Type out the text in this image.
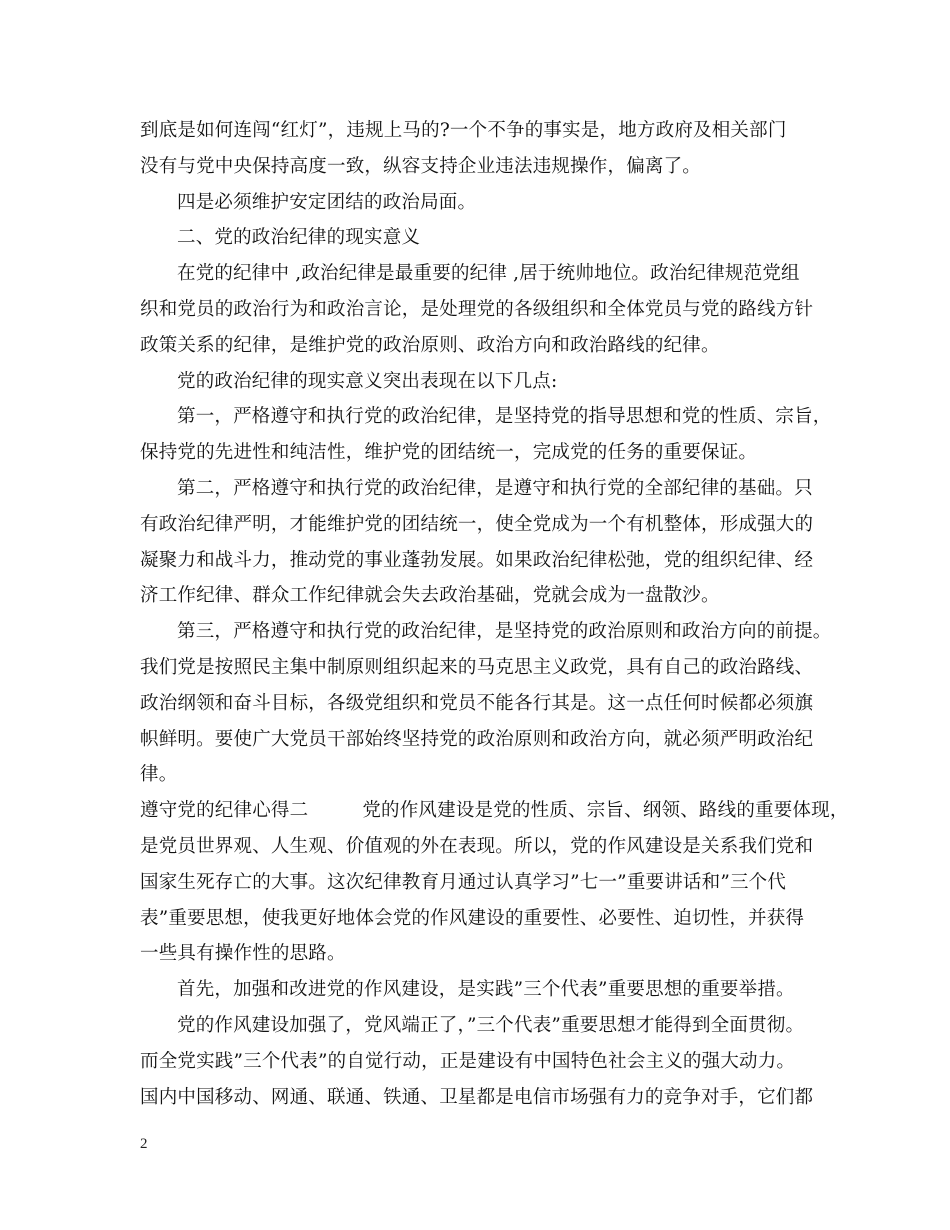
到底是如何连闯“红灯”，违规上马的?一个不争的事实是，地方政府及相关部门
没有与党中央保持高度一致，纵容支持企业违法违规操作，偏离了。
四是必须维护安定团结的政治局面。
二、党的政治纪律的现实意义
在党的纪律中 ,政治纪律是最重要的纪律 ,居于统帅地位。政治纪律规范党组
织和党员的政治行为和政治言论，是处理党的各级组织和全体党员与党的路线方针
政策关系的纪律，是维护党的政治原则、政治方向和政治路线的纪律。
党的政治纪律的现实意义突出表现在以下几点:
第一，严格遵守和执行党的政治纪律，是坚持党的指导思想和党的性质、宗旨，
保持党的先进性和纯洁性，维护党的团结统一，完成党的任务的重要保证。
第二，严格遵守和执行党的政治纪律，是遵守和执行党的全部纪律的基础。只
有政治纪律严明，才能维护党的团结统一，使全党成为一个有机整体，形成强大的
凝聚力和战斗力，推动党的事业蓬勃发展。如果政治纪律松弛，党的组织纪律、经
济工作纪律、群众工作纪律就会失去政治基础，党就会成为一盘散沙。
第三，严格遵守和执行党的政治纪律，是坚持党的政治原则和政治方向的前提。
我们党是按照民主集中制原则组织起来的马克思主义政党，具有自己的政治路线、
政治纲领和奋斗目标，各级党组织和党员不能各行其是。这一点任何时候都必须旗
帜鲜明。要使广大党员干部始终坚持党的政治原则和政治方向，就必须严明政治纪
律。
遵守党的纪律心得二	党的作风建设是党的性质、宗旨、纲领、路线的重要体现，
是党员世界观、人生观、价值观的外在表现。所以，党的作风建设是关系我们党和
国家生死存亡的大事。这次纪律教育月通过认真学习”七一”重要讲话和”三个代
表”重要思想，使我更好地体会党的作风建设的重要性、必要性、迫切性，并获得
一些具有操作性的思路。
首先，加强和改进党的作风建设，是实践”三个代表”重要思想的重要举措。
党的作风建设加强了，党风端正了，”三个代表”重要思想才能得到全面贯彻。
而全党实践”三个代表”的自觉行动，正是建设有中国特色社会主义的强大动力。
国内中国移动、网通、联通、铁通、卫星都是电信市场强有力的竞争对手，它们都
2
